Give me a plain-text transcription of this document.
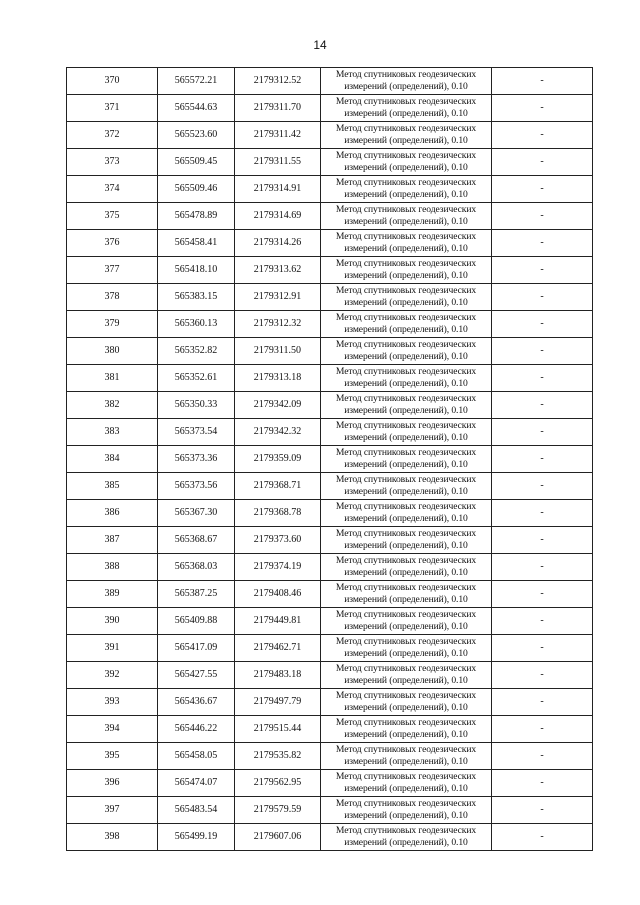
14
370	565572.21	2179312.52	Метод спутниковых геодезических
измерений (определений), 0.10	-
371	565544.63	2179311.70	Метод спутниковых геодезических
измерений (определений), 0.10	-
372	565523.60	2179311.42	Метод спутниковых геодезических
измерений (определений), 0.10	-
373	565509.45	2179311.55	Метод спутниковых геодезических
измерений (определений), 0.10	-
374	565509.46	2179314.91	Метод спутниковых геодезических
измерений (определений), 0.10	-
375	565478.89	2179314.69	Метод спутниковых геодезических
измерений (определений), 0.10	-
376	565458.41	2179314.26	Метод спутниковых геодезических
измерений (определений), 0.10	-
377	565418.10	2179313.62	Метод спутниковых геодезических
измерений (определений), 0.10	-
378	565383.15	2179312.91	Метод спутниковых геодезических
измерений (определений), 0.10	-
379	565360.13	2179312.32	Метод спутниковых геодезических
измерений (определений), 0.10	-
380	565352.82	2179311.50	Метод спутниковых геодезических
измерений (определений), 0.10	-
381	565352.61	2179313.18	Метод спутниковых геодезических
измерений (определений), 0.10	-
382	565350.33	2179342.09	Метод спутниковых геодезических
измерений (определений), 0.10	-
383	565373.54	2179342.32	Метод спутниковых геодезических
измерений (определений), 0.10	-
384	565373.36	2179359.09	Метод спутниковых геодезических
измерений (определений), 0.10	-
385	565373.56	2179368.71	Метод спутниковых геодезических
измерений (определений), 0.10	-
386	565367.30	2179368.78	Метод спутниковых геодезических
измерений (определений), 0.10	-
387	565368.67	2179373.60	Метод спутниковых геодезических
измерений (определений), 0.10	-
388	565368.03	2179374.19	Метод спутниковых геодезических
измерений (определений), 0.10	-
389	565387.25	2179408.46	Метод спутниковых геодезических
измерений (определений), 0.10	-
390	565409.88	2179449.81	Метод спутниковых геодезических
измерений (определений), 0.10	-
391	565417.09	2179462.71	Метод спутниковых геодезических
измерений (определений), 0.10	-
392	565427.55	2179483.18	Метод спутниковых геодезических
измерений (определений), 0.10	-
393	565436.67	2179497.79	Метод спутниковых геодезических
измерений (определений), 0.10	-
394	565446.22	2179515.44	Метод спутниковых геодезических
измерений (определений), 0.10	-
395	565458.05	2179535.82	Метод спутниковых геодезических
измерений (определений), 0.10	-
396	565474.07	2179562.95	Метод спутниковых геодезических
измерений (определений), 0.10	-
397	565483.54	2179579.59	Метод спутниковых геодезических
измерений (определений), 0.10	-
398	565499.19	2179607.06	Метод спутниковых геодезических
измерений (определений), 0.10	-
